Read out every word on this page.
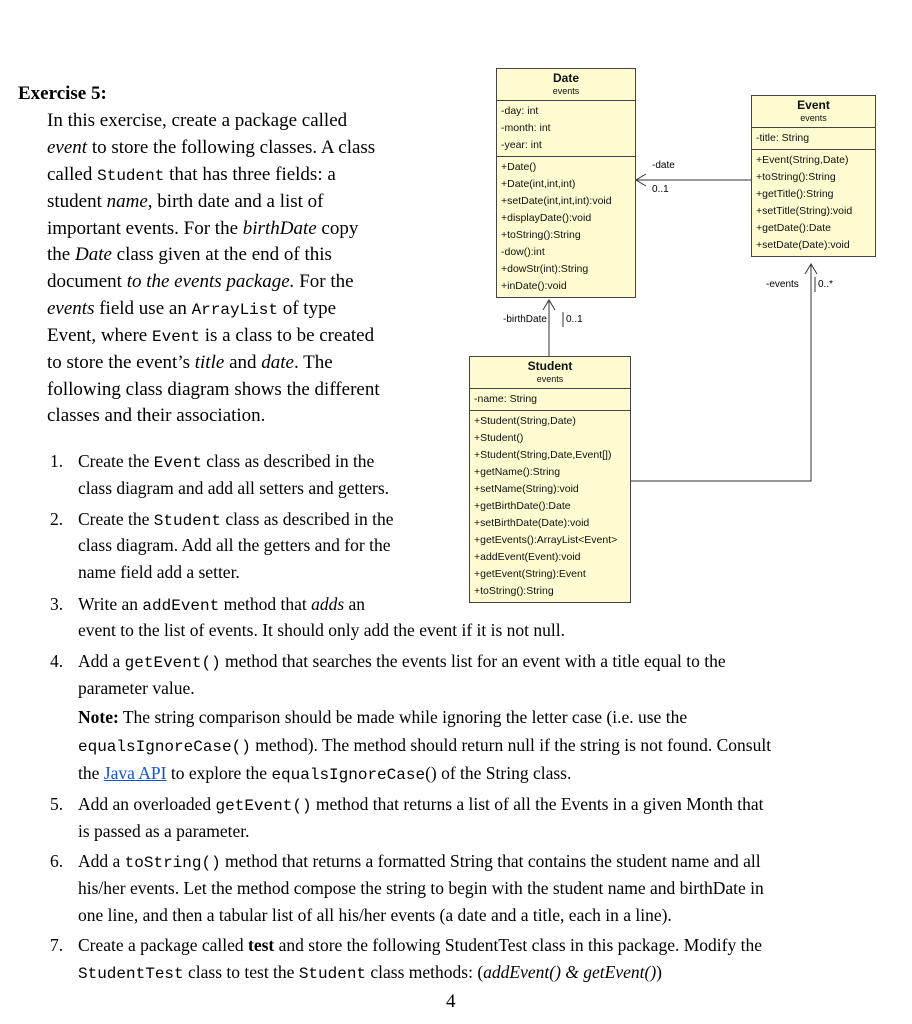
Exercise 5:
In this exercise, create a package called
event to store the following classes. A class
called Student that has three fields: a
student name, birth date and a list of
important events. For the birthDate copy
the Date class given at the end of this
document to the events package. For the
events field use an ArrayList of type
Event, where Event is a class to be created
to store the event’s title and date. The
following class diagram shows the different
classes and their association.
1. Create the Event class as described in the
class diagram and add all setters and getters.
2. Create the Student class as described in the
class diagram. Add all the getters and for the
name field add a setter.
3. Write an addEvent method that adds an
event to the list of events. It should only add the event if it is not null.
4. Add a getEvent() method that searches the events list for an event with a title equal to the
parameter value.
Note: The string comparison should be made while ignoring the letter case (i.e. use the
equalsIgnoreCase() method). The method should return null if the string is not found. Consult
the Java API to explore the equalsIgnoreCase() of the String class.
5. Add an overloaded getEvent() method that returns a list of all the Events in a given Month that
is passed as a parameter.
6. Add a toString() method that returns a formatted String that contains the student name and all
his/her events. Let the method compose the string to begin with the student name and birthDate in
one line, and then a tabular list of all his/her events (a date and a title, each in a line).
7. Create a package called test and store the following StudentTest class in this package. Modify the
StudentTest class to test the Student class methods: (addEvent() & getEvent())
4
Date
events
-day: int
-month: int
-year: int
+Date()
+Date(int,int,int)
+setDate(int,int,int):void
+displayDate():void
+toString():String
-dow():int
+dowStr(int):String
+inDate():void
Event
events
-title: String
+Event(String,Date)
+toString():String
+getTitle():String
+setTitle(String):void
+getDate():Date
+setDate(Date):void
Student
events
-name: String
+Student(String,Date)
+Student()
+Student(String,Date,Event[])
+getName():String
+setName(String):void
+getBirthDate():Date
+setBirthDate(Date):void
+getEvents():ArrayList<Event>
+addEvent(Event):void
+getEvent(String):Event
+toString():String
-date
0..1
-birthDate 0..1
-events 0..*
